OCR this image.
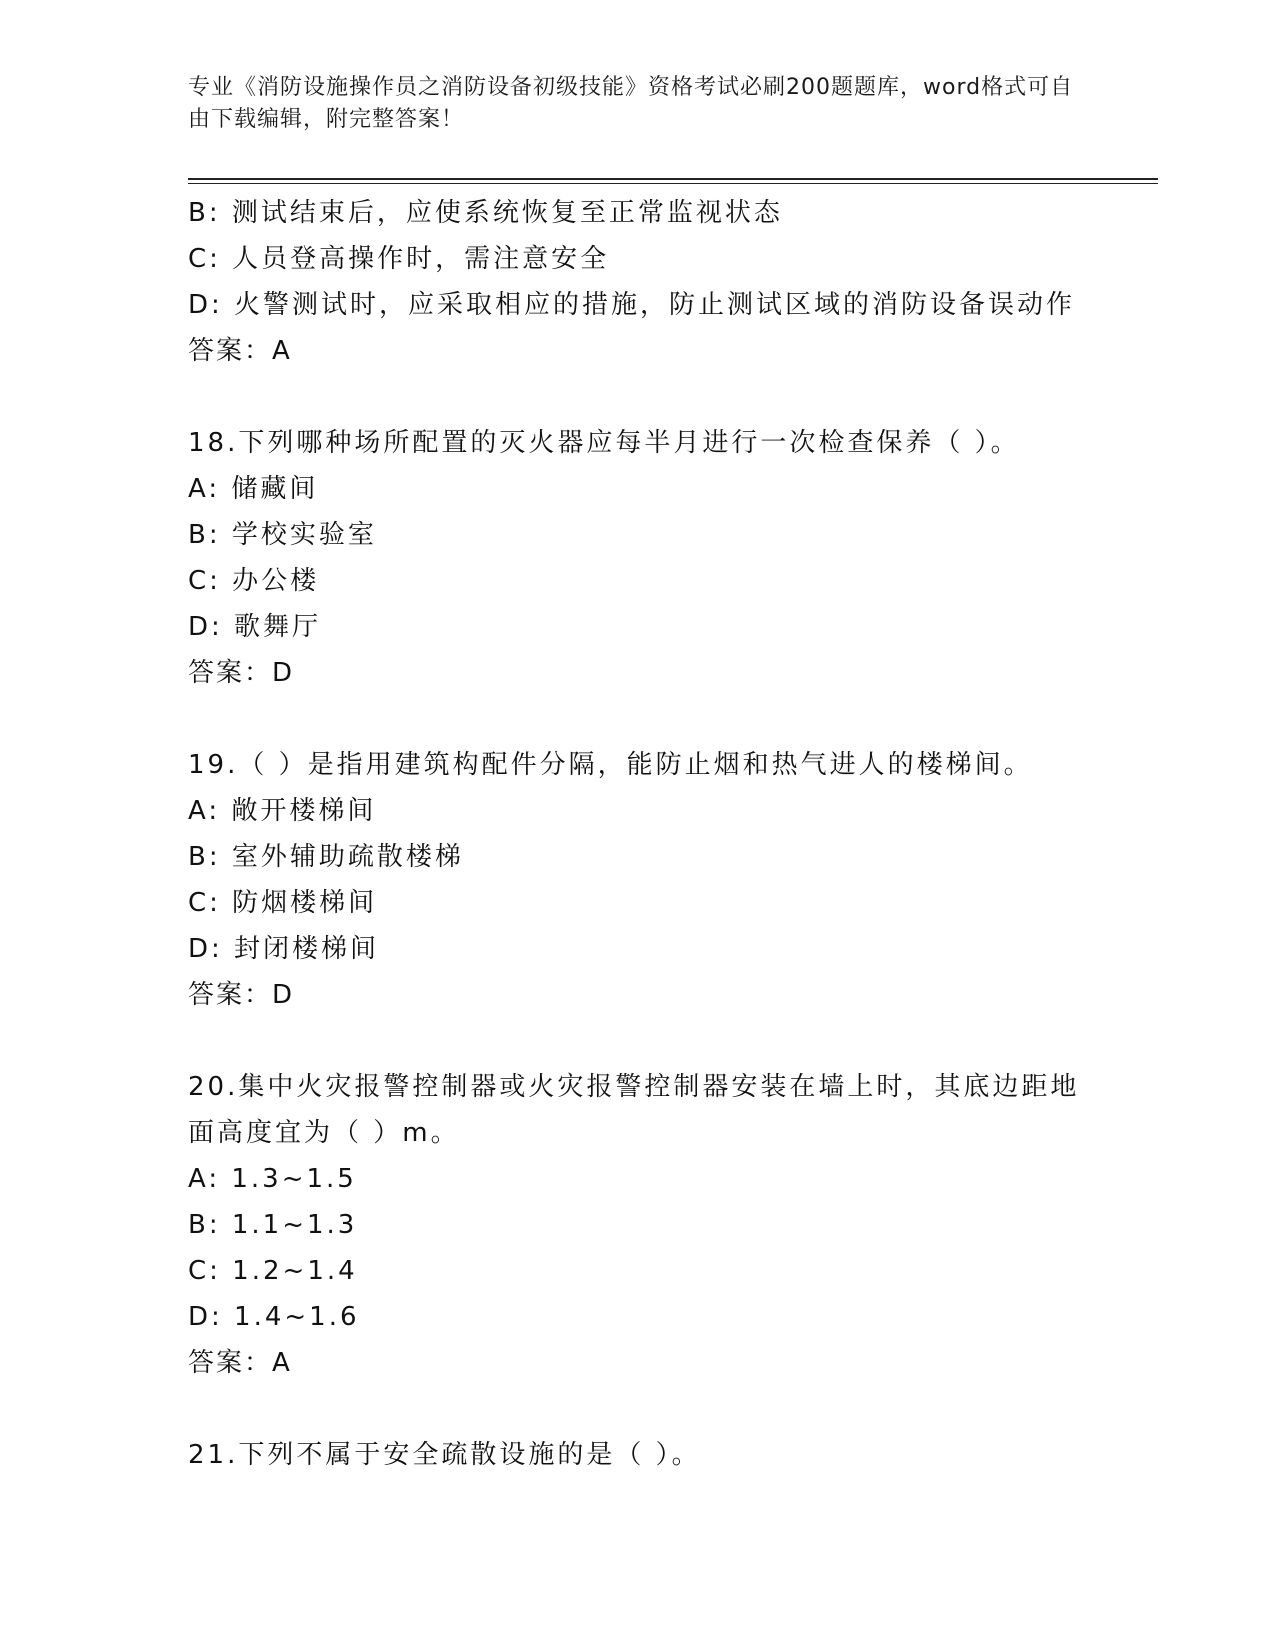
专业《消防设施操作员之消防设备初级技能》资格考试必刷200题题库，word格式可自由下载编辑，附完整答案！
B: 测试结束后，应使系统恢复至正常监视状态
C: 人员登高操作时，需注意安全
D: 火警测试时，应采取相应的措施，防止测试区域的消防设备误动作
答案：A
18.下列哪种场所配置的灭火器应每半月进行一次检查保养（ ）。
A: 储藏间
B: 学校实验室
C: 办公楼
D: 歌舞厅
答案：D
19.（ ）是指用建筑构配件分隔，能防止烟和热气进人的楼梯间。
A: 敞开楼梯间
B: 室外辅助疏散楼梯
C: 防烟楼梯间
D: 封闭楼梯间
答案：D
20.集中火灾报警控制器或火灾报警控制器安装在墙上时，其底边距地
面高度宜为（ ）m。
A: 1.3~1.5
B: 1.1~1.3
C: 1.2~1.4
D: 1.4~1.6
答案：A
21.下列不属于安全疏散设施的是（ ）。
